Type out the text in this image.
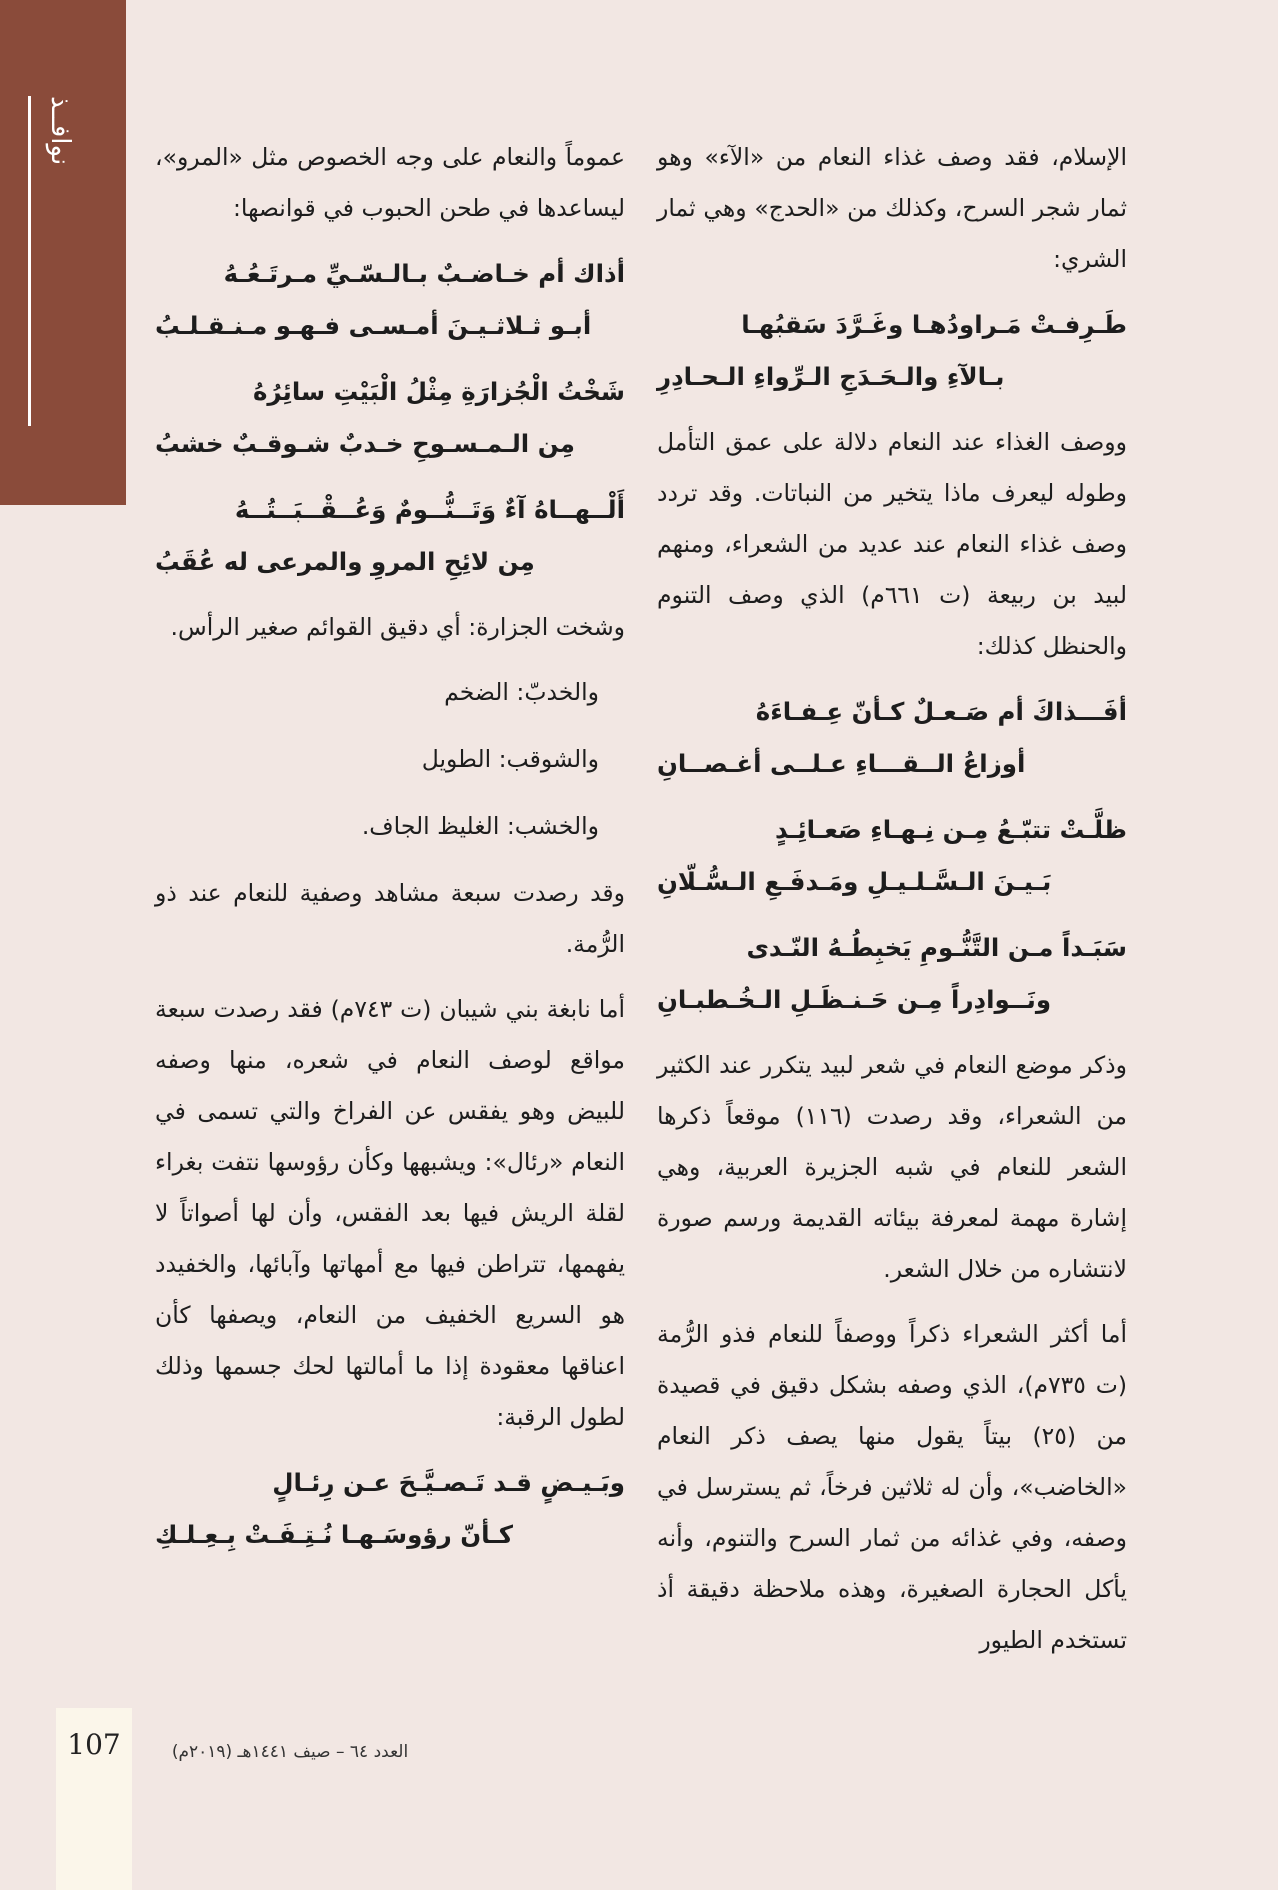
نوافــذ	الإسلام، فقد وصف غذاء النعام من «الآء» وهو ثمار شجر السرح، وكذلك من «الحدج» وهي ثمار الشري:

طَـرِفـتْ مَـراودُهـا وغَـرَّدَ سَقبُهـا
بـالآءِ والـحَـدَجِ الـرِّواءِ الـحـادِرِ

ووصف الغذاء عند النعام دلالة على عمق التأمل وطوله ليعرف ماذا يتخير من النباتات. وقد تردد وصف غذاء النعام عند عديد من الشعراء، ومنهم لبيد بن ربيعة (ت ٦٦١م) الذي وصف التنوم والحنظل كذلك:

أفَـــذاكَ أم صَـعـلٌ كـأنّ عِـفـاءَهُ
أوزاعُ الــقـــاءِ عـلــى أغـصــانِ
ظلَّـتْ تتبّـعُ مِـن نِـهـاءِ صَعـائِـدٍ
بَـيـنَ الـسَّـلـيـلِ ومَـدفَـعِ الـسُّـلّانِ
سَبَـداً مـن التَّنُّـومِ يَخبِطُـهُ النّـدى
ونَــوادِراً مِـن حَـنـظَـلِ الـخُـطبـانِ

وذكر موضع النعام في شعر لبيد يتكرر عند الكثير من الشعراء، وقد رصدت (١١٦) موقعاً ذكرها الشعر للنعام في شبه الجزيرة العربية، وهي إشارة مهمة لمعرفة بيئاته القديمة ورسم صورة لانتشاره من خلال الشعر.

أما أكثر الشعراء ذكراً ووصفاً للنعام فذو الرُّمة (ت ٧٣٥م)، الذي وصفه بشكل دقيق في قصيدة من (٢٥) بيتاً يقول منها يصف ذكر النعام «الخاضب»، وأن له ثلاثين فرخاً، ثم يسترسل في وصفه، وفي غذائه من ثمار السرح والتنوم، وأنه يأكل الحجارة الصغيرة، وهذه ملاحظة دقيقة أذ تستخدم الطيور

عموماً والنعام على وجه الخصوص مثل «المرو»، ليساعدها في طحن الحبوب في قوانصها:

أذاك أم خـاضـبٌ بـالـسّـيِّ مـرتَـعُـهُ
أبـو ثـلاثـيـنَ أمـسـى فـهـو مـنـقـلـبُ
شَخْتُ الْجُزارَةِ مِثْلُ الْبَيْتِ سائِرُهُ
مِن الـمـسـوحِ خـدبٌ شـوقـبٌ خشبُ
أَلْــهــاهُ آءٌ وَتَــنُّــومٌ وَعُــقْــبَــتُــهُ
مِن لائِحِ المروِ والمرعى له عُقَبُ

وشخت الجزارة: أي دقيق القوائم صغير الرأس.

والخدبّ: الضخم

والشوقب: الطويل

والخشب: الغليظ الجاف.

وقد رصدت سبعة مشاهد وصفية للنعام عند ذو الرُّمة.

أما نابغة بني شيبان (ت ٧٤٣م) فقد رصدت سبعة مواقع لوصف النعام في شعره، منها وصفه للبيض وهو يفقس عن الفراخ والتي تسمى في النعام «رئال»: ويشبهها وكأن رؤوسها نتفت بغراء لقلة الريش فيها بعد الفقس، وأن لها أصواتاً لا يفهمها، تتراطن فيها مع أمهاتها وآبائها، والخفيدد هو السريع الخفيف من النعام، ويصفها كأن اعناقها معقودة إذا ما أمالتها لحك جسمها وذلك لطول الرقبة:

وبَـيـضٍ قـد تَـصـيَّـحَ عـن رِئـالٍ
كـأنّ رؤوسَـهـا نُـتِـفَـتْ بِـعِـلـكِ
107	العدد ٦٤ – صيف ١٤٤١هـ (٢٠١٩م)
